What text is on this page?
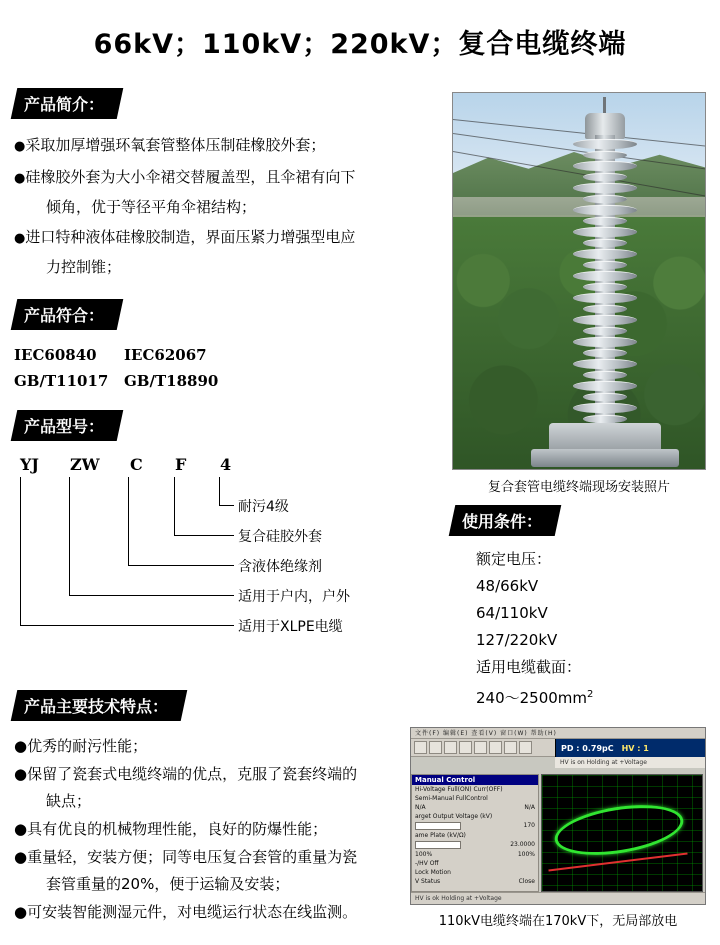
66kV；110kV；220kV；复合电缆终端
产品简介：
●采取加厚增强环氧套管整体压制硅橡胶外套；
●硅橡胶外套为大小伞裙交替履盖型，且伞裙有向下
倾角，优于等径平角伞裙结构；
●进口特种液体硅橡胶制造，界面压紧力增强型电应
力控制锥；
产品符合：
IEC60840 IEC62067
GB/T11017 GB/T18890
产品型号：
YJ ZW C F 4
耐污4级
复合硅胶外套
含液体绝缘剂
适用于户内，户外
适用于XLPE电缆
产品主要技术特点：
●优秀的耐污性能；
●保留了瓷套式电缆终端的优点，克服了瓷套终端的
缺点；
●具有优良的机械物理性能，良好的防爆性能；
●重量轻，安装方便；同等电压复合套管的重量为瓷
套管重量的20%，便于运输及安装；
●可安装智能测湿元件，对电缆运行状态在线监测。
复合套管电缆终端现场安装照片
使用条件：
额定电压：
48/66kV
64/110kV
127/220kV
适用电缆截面：
$240\sim 2500mm^2$
文件(F) 编辑(E) 查看(V) 窗口(W) 帮助(H)
PD : 0.79pC HV : 1
HV is on Holding at +Voltage
Manual Control
Hi-Voltage Full(ON) Curr(OFF)
Semi-Manual FullControl
N/A	N/A
arget Output Voltage (kV)
170
ame Plate (kV/Ω)
23.0000
100%	100%
-/HV Off
Lock Motion
V Status	Close
HV is ok Holding at +Voltage
110kV电缆终端在170kV下，无局部放电
